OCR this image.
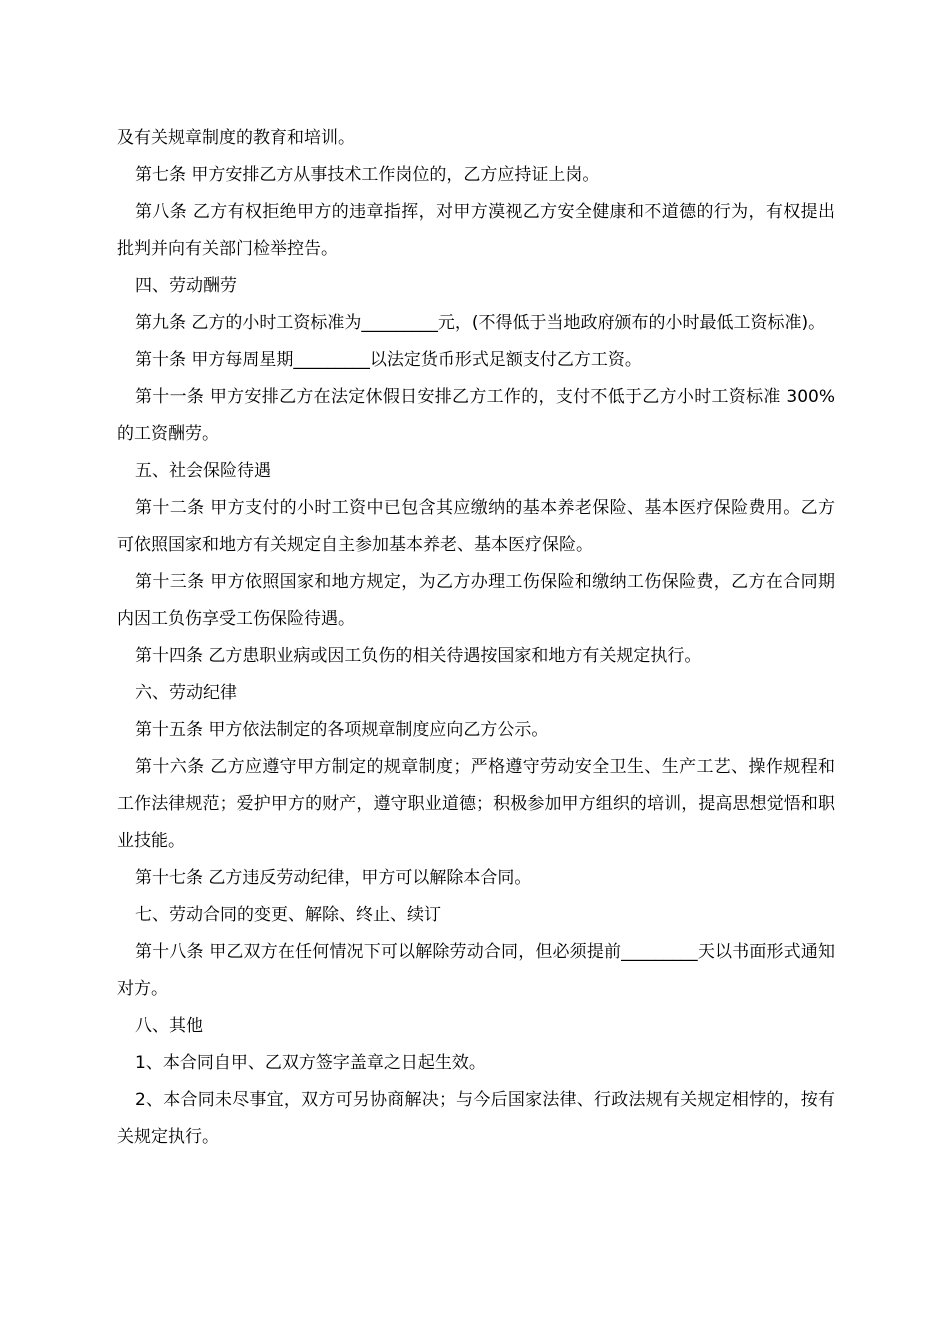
及有关规章制度的教育和培训。

第七条 甲方安排乙方从事技术工作岗位的，乙方应持证上岗。

第八条 乙方有权拒绝甲方的违章指挥，对甲方漠视乙方安全健康和不道德的行为，有权提出批判并向有关部门检举控告。

四、劳动酬劳

第九条 乙方的小时工资标准为_________元，(不得低于当地政府颁布的小时最低工资标准)。

第十条 甲方每周星期_________以法定货币形式足额支付乙方工资。

第十一条 甲方安排乙方在法定休假日安排乙方工作的，支付不低于乙方小时工资标准 300%的工资酬劳。

五、社会保险待遇

第十二条 甲方支付的小时工资中已包含其应缴纳的基本养老保险、基本医疗保险费用。乙方可依照国家和地方有关规定自主参加基本养老、基本医疗保险。

第十三条 甲方依照国家和地方规定，为乙方办理工伤保险和缴纳工伤保险费，乙方在合同期内因工负伤享受工伤保险待遇。

第十四条 乙方患职业病或因工负伤的相关待遇按国家和地方有关规定执行。

六、劳动纪律

第十五条 甲方依法制定的各项规章制度应向乙方公示。

第十六条 乙方应遵守甲方制定的规章制度；严格遵守劳动安全卫生、生产工艺、操作规程和工作法律规范；爱护甲方的财产，遵守职业道德；积极参加甲方组织的培训，提高思想觉悟和职业技能。

第十七条 乙方违反劳动纪律，甲方可以解除本合同。

七、劳动合同的变更、解除、终止、续订

第十八条 甲乙双方在任何情况下可以解除劳动合同，但必须提前_________天以书面形式通知对方。

八、其他

1、本合同自甲、乙双方签字盖章之日起生效。

2、本合同未尽事宜，双方可另协商解决；与今后国家法律、行政法规有关规定相悖的，按有关规定执行。
